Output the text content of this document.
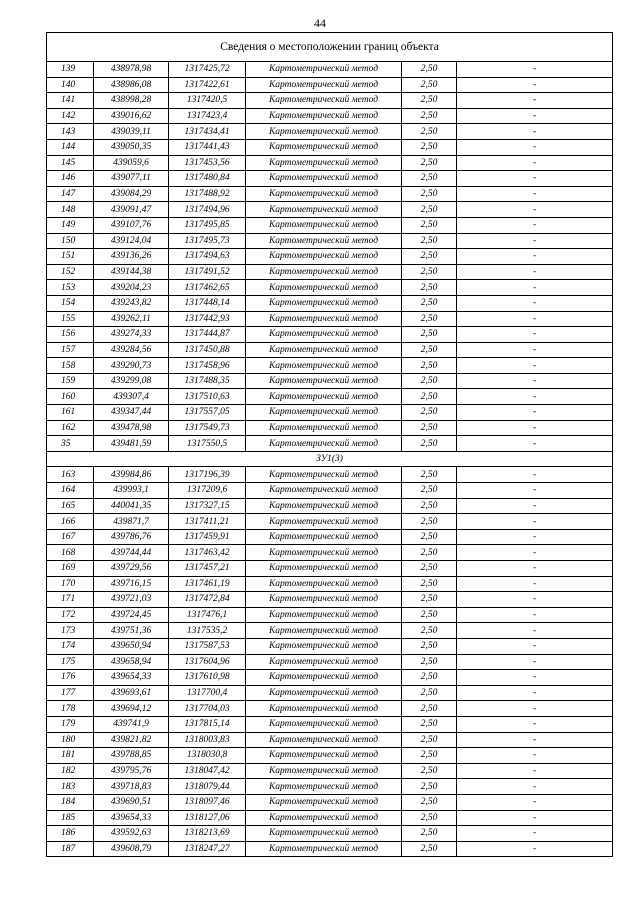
44
Сведения о местоположении границ объекта					
139	438978,98	1317425,72	Картометрический метод	2,50	-
140	438986,08	1317422,61	Картометрический метод	2,50	-
141	438998,28	1317420,5	Картометрический метод	2,50	-
142	439016,62	1317423,4	Картометрический метод	2,50	-
143	439039,11	1317434,41	Картометрический метод	2,50	-
144	439050,35	1317441,43	Картометрический метод	2,50	-
145	439059,6	1317453,56	Картометрический метод	2,50	-
146	439077,11	1317480,84	Картометрический метод	2,50	-
147	439084,29	1317488,92	Картометрический метод	2,50	-
148	439091,47	1317494,96	Картометрический метод	2,50	-
149	439107,76	1317495,85	Картометрический метод	2,50	-
150	439124,04	1317495,73	Картометрический метод	2,50	-
151	439136,26	1317494,63	Картометрический метод	2,50	-
152	439144,38	1317491,52	Картометрический метод	2,50	-
153	439204,23	1317462,65	Картометрический метод	2,50	-
154	439243,82	1317448,14	Картометрический метод	2,50	-
155	439262,11	1317442,93	Картометрический метод	2,50	-
156	439274,33	1317444,87	Картометрический метод	2,50	-
157	439284,56	1317450,88	Картометрический метод	2,50	-
158	439290,73	1317458,96	Картометрический метод	2,50	-
159	439299,08	1317488,35	Картометрический метод	2,50	-
160	439307,4	1317510,63	Картометрический метод	2,50	-
161	439347,44	1317557,05	Картометрический метод	2,50	-
162	439478,98	1317549,73	Картометрический метод	2,50	-
35	439481,59	1317550,5	Картометрический метод	2,50	-
ЗУ1(3)					
163	439984,86	1317196,39	Картометрический метод	2,50	-
164	439993,1	1317209,6	Картометрический метод	2,50	-
165	440041,35	1317327,15	Картометрический метод	2,50	-
166	439871,7	1317411,21	Картометрический метод	2,50	-
167	439786,76	1317459,91	Картометрический метод	2,50	-
168	439744,44	1317463,42	Картометрический метод	2,50	-
169	439729,56	1317457,21	Картометрический метод	2,50	-
170	439716,15	1317461,19	Картометрический метод	2,50	-
171	439721,03	1317472,84	Картометрический метод	2,50	-
172	439724,45	1317476,1	Картометрический метод	2,50	-
173	439751,36	1317535,2	Картометрический метод	2,50	-
174	439650,94	1317587,53	Картометрический метод	2,50	-
175	439658,94	1317604,96	Картометрический метод	2,50	-
176	439654,33	1317610,98	Картометрический метод	2,50	-
177	439693,61	1317700,4	Картометрический метод	2,50	-
178	439694,12	1317704,03	Картометрический метод	2,50	-
179	439741,9	1317815,14	Картометрический метод	2,50	-
180	439821,82	1318003,83	Картометрический метод	2,50	-
181	439788,85	1318030,8	Картометрический метод	2,50	-
182	439795,76	1318047,42	Картометрический метод	2,50	-
183	439718,83	1318079,44	Картометрический метод	2,50	-
184	439690,51	1318097,46	Картометрический метод	2,50	-
185	439654,33	1318127,06	Картометрический метод	2,50	-
186	439592,63	1318213,69	Картометрический метод	2,50	-
187	439608,79	1318247,27	Картометрический метод	2,50	-
